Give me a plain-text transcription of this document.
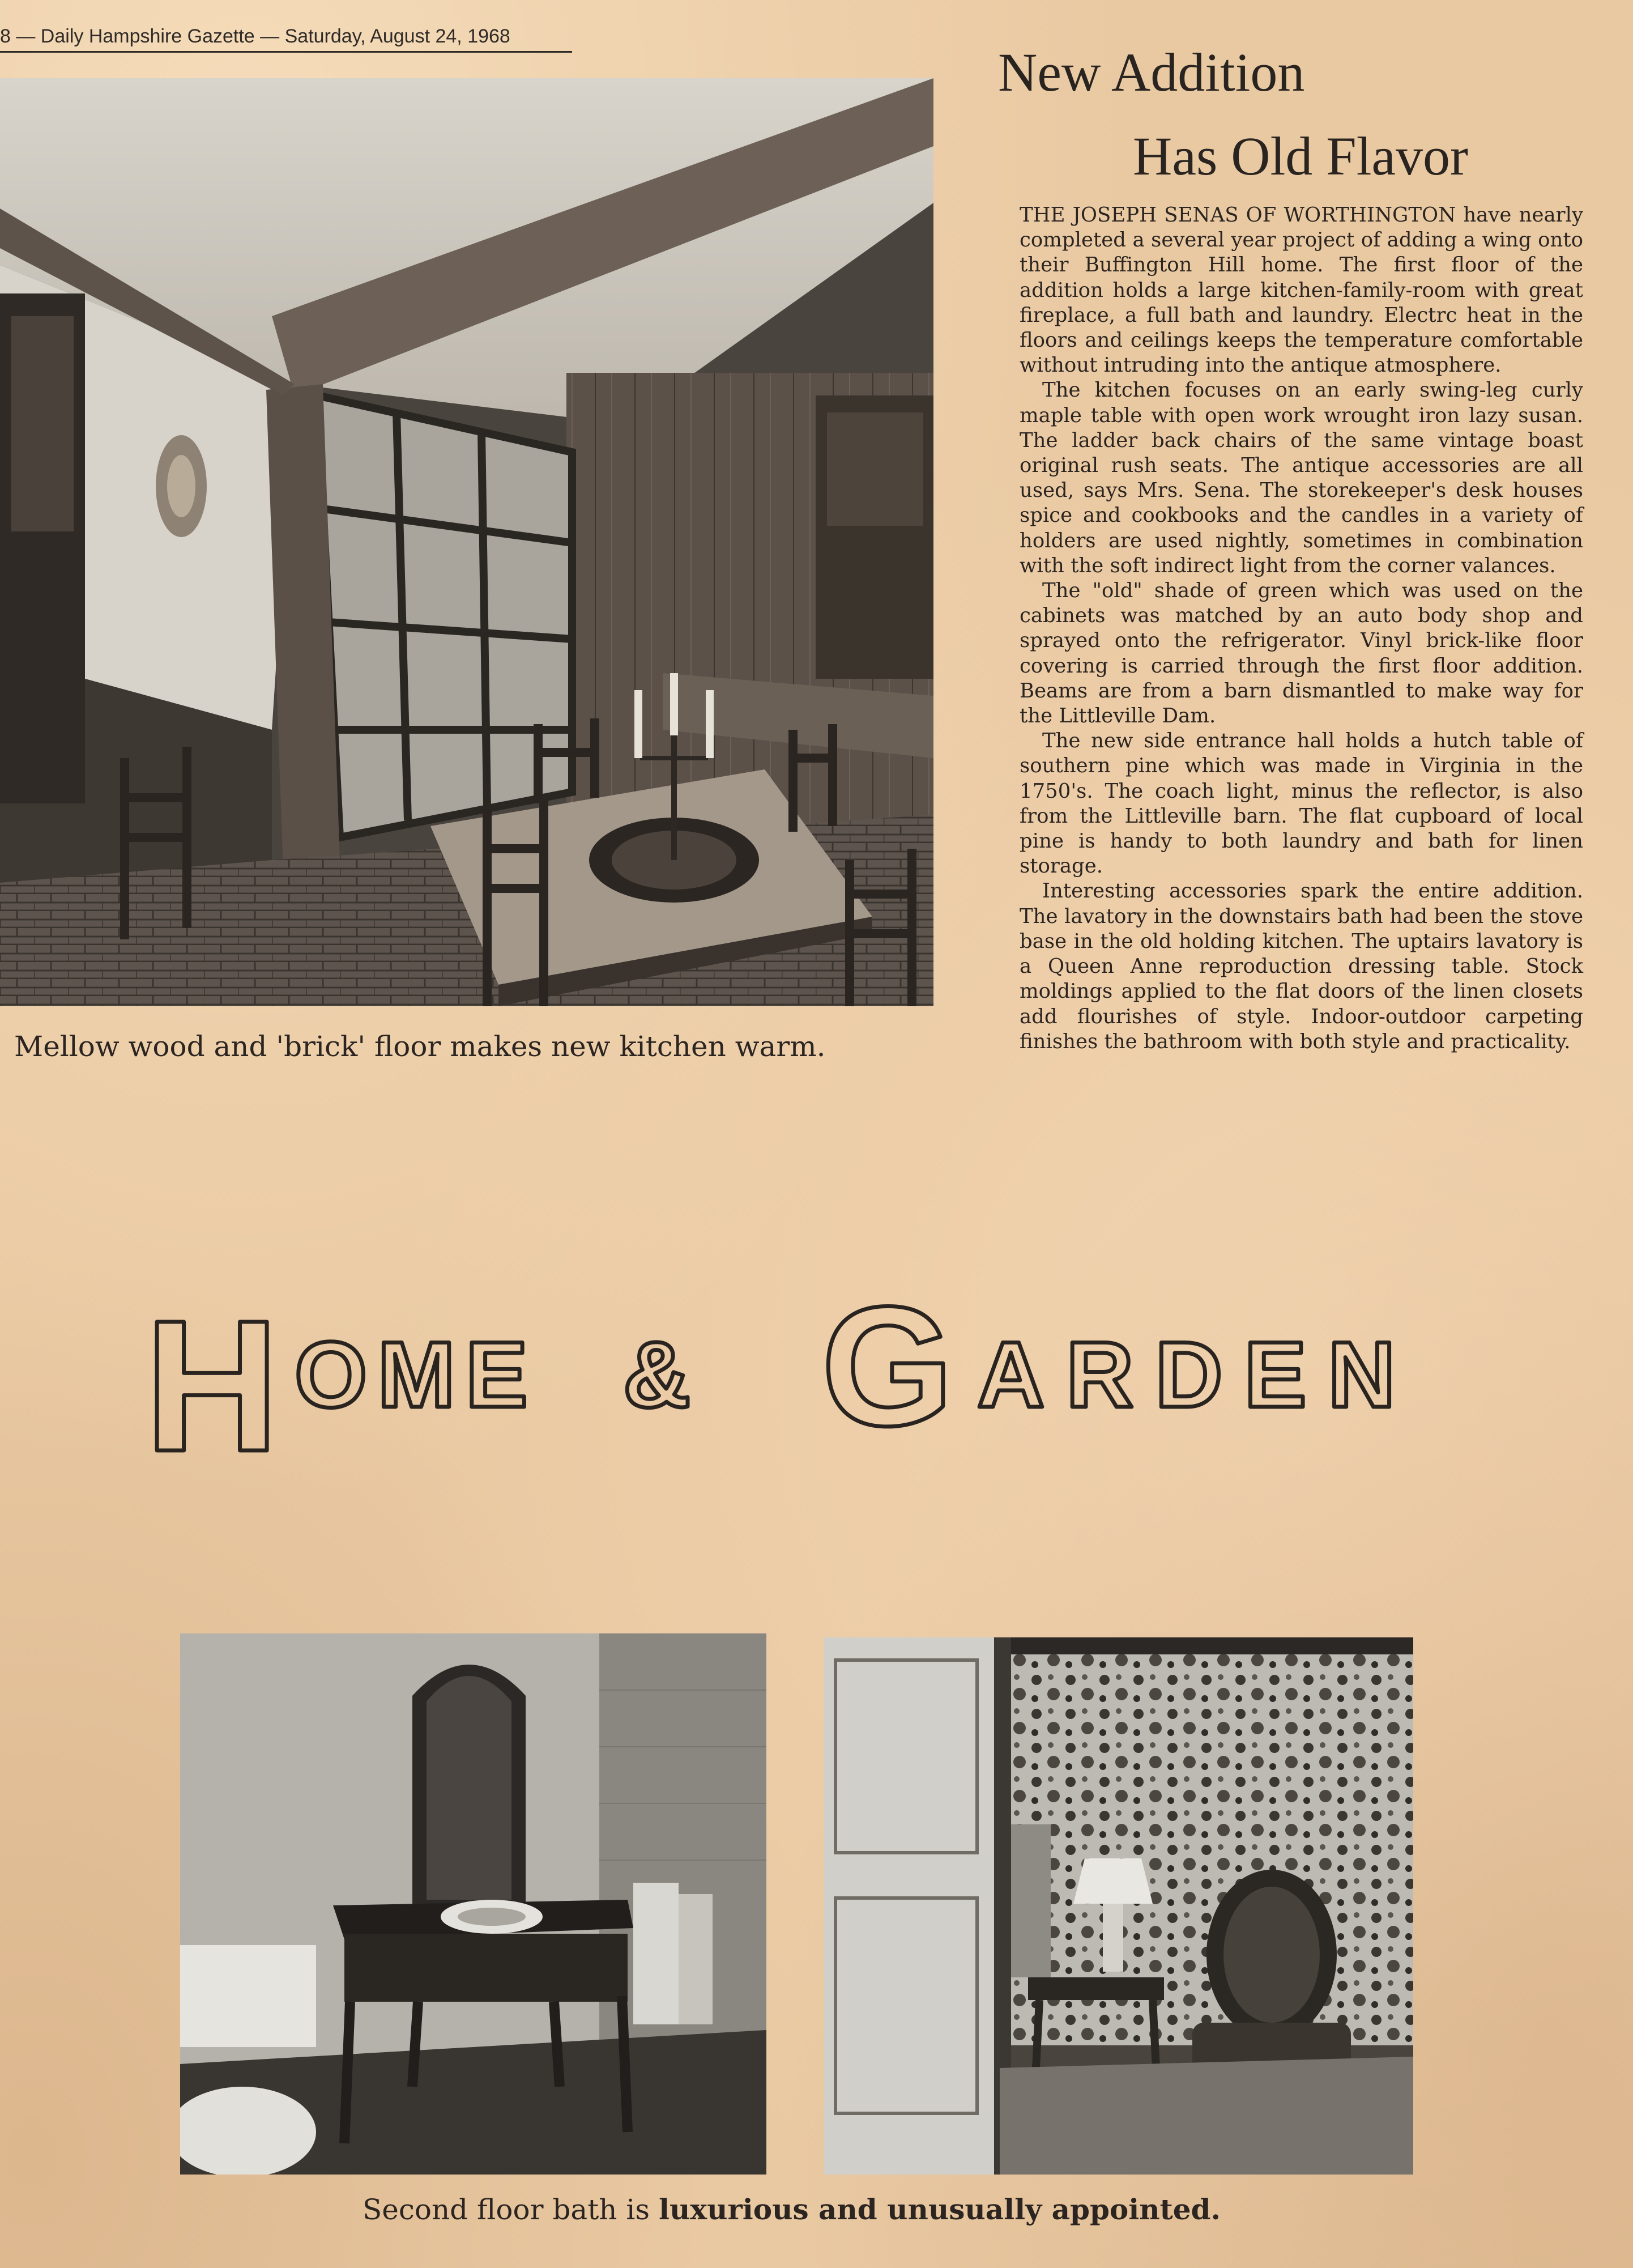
8 — Daily Hampshire Gazette — Saturday, August 24, 1968
Mellow wood and 'brick' floor makes new kitchen warm.
New Addition
Has Old Flavor

THE JOSEPH SENAS OF WORTHINGTON have nearly completed a several year project of adding a wing onto their Buffington Hill home. The first floor of the addition holds a large kitchen-family-room with great fireplace, a full bath and laundry. Electrc heat in the floors and ceilings keeps the temperature comfortable without intruding into the antique atmosphere.

The kitchen focuses on an early swing-leg curly maple table with open work wrought iron lazy susan. The ladder back chairs of the same vintage boast original rush seats. The antique accessories are all used, says Mrs. Sena. The storekeeper's desk houses spice and cookbooks and the candles in a variety of holders are used nightly, sometimes in combination with the soft indirect light from the corner valances.

The "old" shade of green which was used on the cabinets was matched by an auto body shop and sprayed onto the refrigerator. Vinyl brick-like floor covering is carried through the first floor addition. Beams are from a barn dismantled to make way for the Littleville Dam.

The new side entrance hall holds a hutch table of southern pine which was made in Virginia in the 1750's. The coach light, minus the reflector, is also from the Littleville barn. The flat cupboard of local pine is handy to both laundry and bath for linen storage.

Interesting accessories spark the entire addition. The lavatory in the downstairs bath had been the stove base in the old holding kitchen. The uptairs lavatory is a Queen Anne reproduction dressing table. Stock moldings applied to the flat doors of the linen closets add flourishes of style. Indoor-outdoor carpeting finishes the bathroom with both style and practicality.

H OME & G ARDEN
Second floor bath is luxurious and unusually appointed.
